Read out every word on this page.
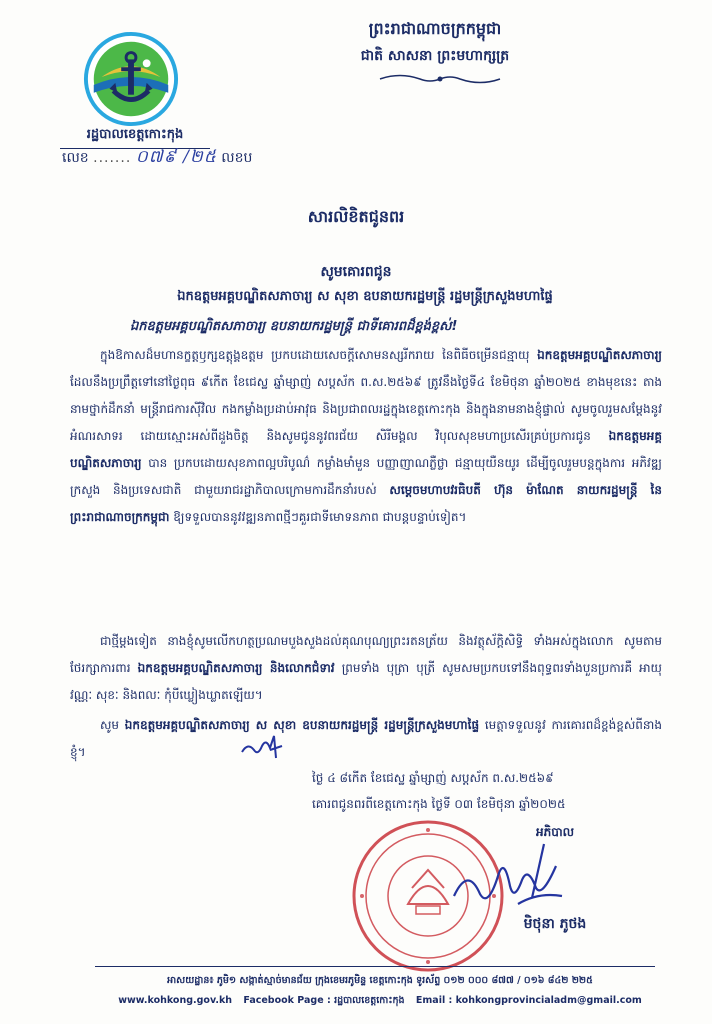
រដ្ឋបាលខេត្តកោះកុង
លេខ ....... ០៧៩ /២៥ លខប
ព្រះរាជាណាចក្រកម្ពុជា
ជាតិ សាសនា ព្រះមហាក្សត្រ
សារលិខិតជូនពរ
សូមគោរពជូន
ឯកឧត្តមអគ្គបណ្ឌិតសភាចារ្យ ស សុខា ឧបនាយករដ្ឋមន្ត្រី រដ្ឋមន្ត្រីក្រសួងមហាផ្ទៃ
ឯកឧត្តមអគ្គបណ្ឌិតសភាចារ្យ ឧបនាយករដ្ឋមន្ត្រី ជាទីគោរពដ៏ខ្ពង់ខ្ពស់!
ក្នុងឱកាសដ៏មហានក្ខត្តឫក្សឧត្តុង្គឧត្តម ប្រកបដោយសេចក្ដីសោមនស្សរីករាយ នៃពិធីចម្រើនជន្មាយុ ឯកឧត្តមអគ្គបណ្ឌិតសភាចារ្យ ដែលនឹងប្រព្រឹត្តទៅនៅថ្ងៃពុធ ៩កើត ខែជេស្ឋ ឆ្នាំម្សាញ់ សប្តស័ក ព.ស.២៥៦៩ ត្រូវនឹងថ្ងៃទី៤ ខែមិថុនា ឆ្នាំ២០២៥ ខាងមុខនេះ តាងនាមថ្នាក់ដឹកនាំ មន្ត្រីរាជការស៊ីវិល កងកម្លាំងប្រដាប់អាវុធ និងប្រជាពលរដ្ឋក្នុងខេត្តកោះកុង និងក្នុងនាមនាងខ្ញុំផ្ទាល់ សូមចូលរួមសម្តែងនូវអំណរសាទរ ដោយស្មោះអស់ពីដួងចិត្ត និងសូមជូននូវពរជ័យ សិរីមង្គល វិបុលសុខមហាប្រសើរគ្រប់ប្រការជូន ឯកឧត្តមអគ្គបណ្ឌិតសភាចារ្យ បាន ប្រកបដោយសុខភាពល្អបរិបូណ៌ កម្លាំងមាំមួន បញ្ញាញាណភ្លឺថ្លា ជន្មាយុយឺនយូរ ដើម្បីចូលរួមបន្តក្នុងការ អភិវឌ្ឍក្រសួង និងប្រទេសជាតិ ជាមួយរាជរដ្ឋាភិបាលក្រោមការដឹកនាំរបស់ សម្តេចមហាបវរធិបតី ហ៊ុន ម៉ាណែត នាយករដ្ឋមន្ត្រី នៃព្រះរាជាណាចក្រកម្ពុជា ឱ្យទទួលបាននូវវឌ្ឍនភាពថ្មីៗគួរជាទីមោទនភាព ជាបន្តបន្ទាប់ទៀត។
ជាថ្មីម្តងទៀត នាងខ្ញុំសូមលើកហត្ថប្រណមបួងសួងដល់គុណបុណ្យព្រះរតនត្រ័យ និងវត្ថុស័ក្តិសិទ្ធិ ទាំងអស់ក្នុងលោក សូមតាមថែរក្សាការពារ ឯកឧត្តមអគ្គបណ្ឌិតសភាចារ្យ និងលោកជំទាវ ព្រមទាំង បុត្រា បុត្រី សូមសមប្រកបទៅនឹងពុទ្ធពរទាំងបួនប្រការគឺ អាយុ វណ្ណៈ សុខៈ និងពលៈ កុំបីឃ្លៀងឃ្លាតឡើយ។
សូម ឯកឧត្តមអគ្គបណ្ឌិតសភាចារ្យ ស សុខា ឧបនាយករដ្ឋមន្ត្រី រដ្ឋមន្ត្រីក្រសួងមហាផ្ទៃ មេត្តាទទួលនូវ ការគោរពដ៏ខ្ពង់ខ្ពស់ពីនាងខ្ញុំ។
ថ្ងៃ ៤ ៨កើត ខែជេស្ឋ ឆ្នាំម្សាញ់ សប្តស័ក ព.ស.២៥៦៩
គោរពជូនពរពីខេត្តកោះកុង ថ្ងៃទី ០៣ ខែមិថុនា ឆ្នាំ២០២៥
អភិបាល
មិថុនា ភូថង
អាសយដ្ឋាន៖ ភូមិ១ សង្កាត់ស្មាច់មានជ័យ ក្រុងខេមរភូមិន្ទ ខេត្តកោះកុង ទូរស័ព្ទ ០១២ ០០០ ៨៧៧ / ០១៦ ៨៤២ ២២៥
www.kohkong.gov.kh Facebook Page : រដ្ឋបាលខេត្តកោះកុង Email : kohkongprovincialadm@gmail.com
